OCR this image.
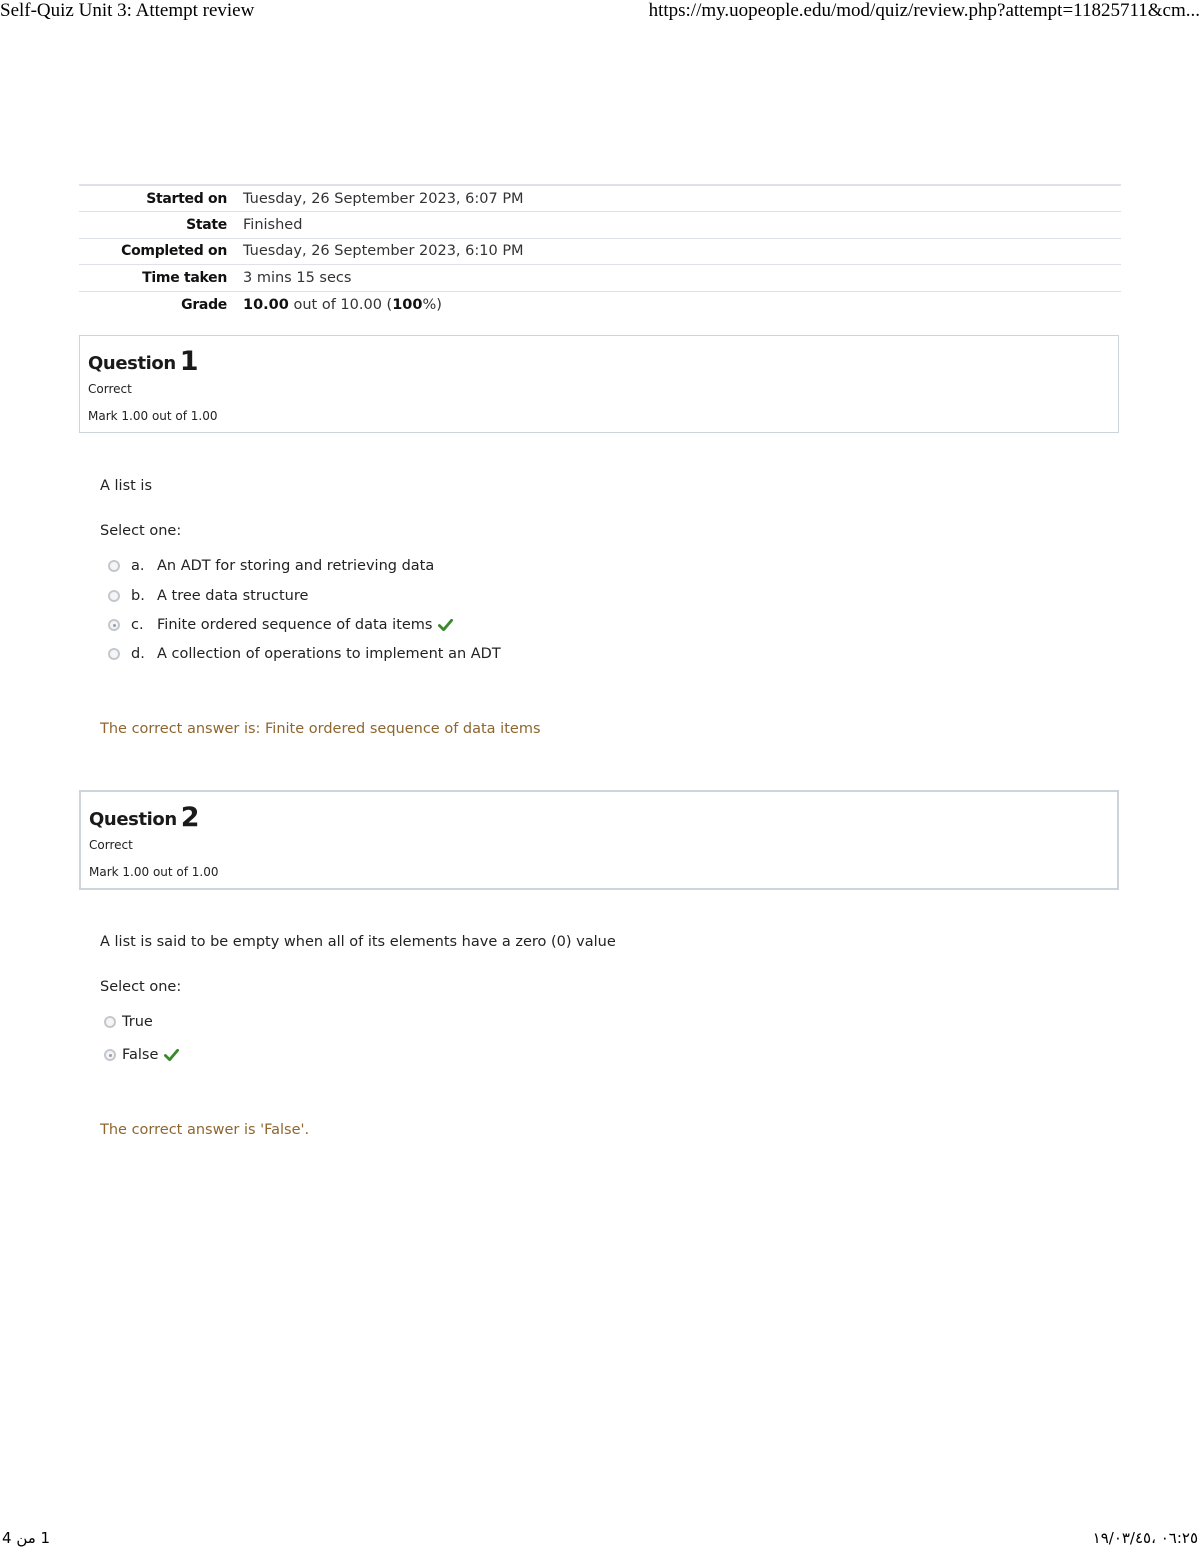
Self-Quiz Unit 3: Attempt review	https://my.uopeople.edu/mod/quiz/review.php?attempt=11825711&cm...
Started on	Tuesday, 26 September 2023, 6:07 PM
State	Finished
Completed on	Tuesday, 26 September 2023, 6:10 PM
Time taken	3 mins 15 secs
Grade	10.00 out of 10.00 (100%)
Question 1
Correct
Mark 1.00 out of 1.00
A list is
Select one:
a. An ADT for storing and retrieving data
b. A tree data structure
c. Finite ordered sequence of data items
d. A collection of operations to implement an ADT
The correct answer is: Finite ordered sequence of data items
Question 2
Correct
Mark 1.00 out of 1.00
A list is said to be empty when all of its elements have a zero (0) value
Select one:
True
False
The correct answer is 'False'.
1 من 4	٠٦:٢٥ ،١٩/٠٣/٤٥
